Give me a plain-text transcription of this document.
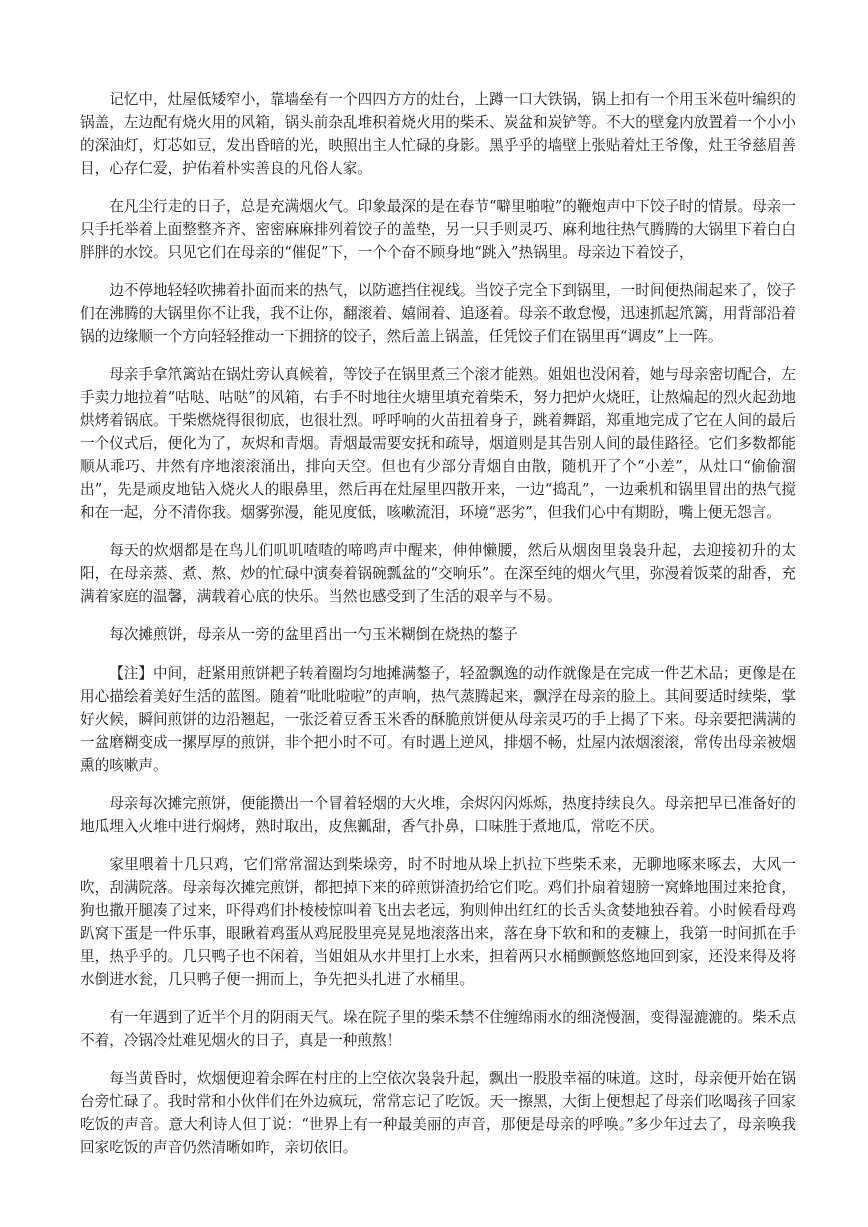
记忆中，灶屋低矮窄小，靠墙垒有一个四四方方的灶台，上蹲一口大铁锅，锅上扣有一个用玉米苞叶编织的锅盖，左边配有烧火用的风箱，锅头前杂乱堆积着烧火用的柴禾、炭盆和炭铲等。不大的壁龛内放置着一个小小的深油灯，灯芯如豆，发出昏暗的光，映照出主人忙碌的身影。黑乎乎的墙壁上张贴着灶王爷像，灶王爷慈眉善目，心存仁爱，护佑着朴实善良的凡俗人家。

在凡尘行走的日子，总是充满烟火气。印象最深的是在春节“噼里啪啦”的鞭炮声中下饺子时的情景。母亲一只手托举着上面整整齐齐、密密麻麻排列着饺子的盖垫，另一只手则灵巧、麻利地往热气腾腾的大锅里下着白白胖胖的水饺。只见它们在母亲的“催促”下，一个个奋不顾身地“跳入”热锅里。母亲边下着饺子，

边不停地轻轻吹拂着扑面而来的热气，以防遮挡住视线。当饺子完全下到锅里，一时间便热闹起来了，饺子们在沸腾的大锅里你不让我，我不让你，翻滚着、嬉闹着、追逐着。母亲不敢怠慢，迅速抓起笊篱，用背部沿着锅的边缘顺一个方向轻轻推动一下拥挤的饺子，然后盖上锅盖，任凭饺子们在锅里再“调皮”上一阵。

母亲手拿笊篱站在锅灶旁认真候着，等饺子在锅里煮三个滚才能熟。姐姐也没闲着，她与母亲密切配合，左手卖力地拉着“咕哒、咕哒”的风箱，右手不时地往火塘里填充着柴禾，努力把炉火烧旺，让熬煸起的烈火起劲地烘烤着锅底。干柴燃烧得很彻底，也很壮烈。呼呼响的火苗扭着身子，跳着舞蹈，郑重地完成了它在人间的最后一个仪式后，便化为了，灰烬和青烟。青烟最需要安抚和疏导，烟道则是其告别人间的最佳路径。它们多数都能顺从乖巧、井然有序地滚滚涌出，排向天空。但也有少部分青烟自由散，随机开了个“小差”，从灶口“偷偷溜出”，先是顽皮地钻入烧火人的眼鼻里，然后再在灶屋里四散开来，一边“捣乱”，一边乘机和锅里冒出的热气搅和在一起，分不清你我。烟雾弥漫，能见度低，咳嗽流泪，环境“恶劣”，但我们心中有期盼，嘴上便无怨言。

每天的炊烟都是在鸟儿们叽叽喳喳的啼鸣声中醒来，伸伸懒腰，然后从烟囱里袅袅升起，去迎接初升的太阳，在母亲蒸、煮、熬、炒的忙碌中演奏着锅碗瓢盆的“交响乐”。在深至纯的烟火气里，弥漫着饭菜的甜香，充满着家庭的温馨，满载着心底的快乐。当然也感受到了生活的艰辛与不易。

每次摊煎饼，母亲从一旁的盆里舀出一勺玉米糊倒在烧热的鏊子

【注】中间，赶紧用煎饼耙子转着圈均匀地摊满鏊子，轻盈飘逸的动作就像是在完成一件艺术品；更像是在用心描绘着美好生活的蓝图。随着“吡吡啦啦”的声响，热气蒸腾起来，飘浮在母亲的脸上。其间要适时续柴，掌好火候，瞬间煎饼的边沿翘起，一张泛着豆香玉米香的酥脆煎饼便从母亲灵巧的手上揭了下来。母亲要把满满的一盆磨糊变成一摞厚厚的煎饼，非个把小时不可。有时遇上逆风，排烟不畅，灶屋内浓烟滚滚，常传出母亲被烟熏的咳嗽声。

母亲每次摊完煎饼，便能攒出一个冒着轻烟的大火堆，余烬闪闪烁烁，热度持续良久。母亲把早已准备好的地瓜埋入火堆中进行焖烤，熟时取出，皮焦瓤甜，香气扑鼻，口味胜于煮地瓜，常吃不厌。

家里喂着十几只鸡，它们常常溜达到柴垛旁，时不时地从垛上扒拉下些柴禾来，无聊地啄来啄去，大风一吹，刮满院落。母亲每次摊完煎饼，都把掉下来的碎煎饼渣扔给它们吃。鸡们扑扇着翅膀一窝蜂地围过来抢食，狗也撒开腿凑了过来，吓得鸡们扑棱棱惊叫着飞出去老远，狗则伸出红红的长舌头贪婪地独吞着。小时候看母鸡趴窝下蛋是一件乐事，眼瞅着鸡蛋从鸡屁股里亮晃晃地滚落出来，落在身下软和和的麦糠上，我第一时间抓在手里，热乎乎的。几只鸭子也不闲着，当姐姐从水井里打上水来，担着两只水桶颤颤悠悠地回到家，还没来得及将水倒进水瓮，几只鸭子便一拥而上，争先把头扎进了水桶里。

有一年遇到了近半个月的阴雨天气。垛在院子里的柴禾禁不住缠绵雨水的细浇慢涸，变得湿漉漉的。柴禾点不着，冷锅冷灶难见烟火的日子，真是一种煎熬！

每当黄昏时，炊烟便迎着余晖在村庄的上空依次袅袅升起，飘出一股股幸福的味道。这时，母亲便开始在锅台旁忙碌了。我时常和小伙伴们在外边疯玩，常常忘记了吃饭。天一擦黑，大街上便想起了母亲们吆喝孩子回家吃饭的声音。意大利诗人但丁说：“世界上有一种最美丽的声音，那便是母亲的呼唤。”多少年过去了，母亲唤我回家吃饭的声音仍然清晰如昨，亲切依旧。
